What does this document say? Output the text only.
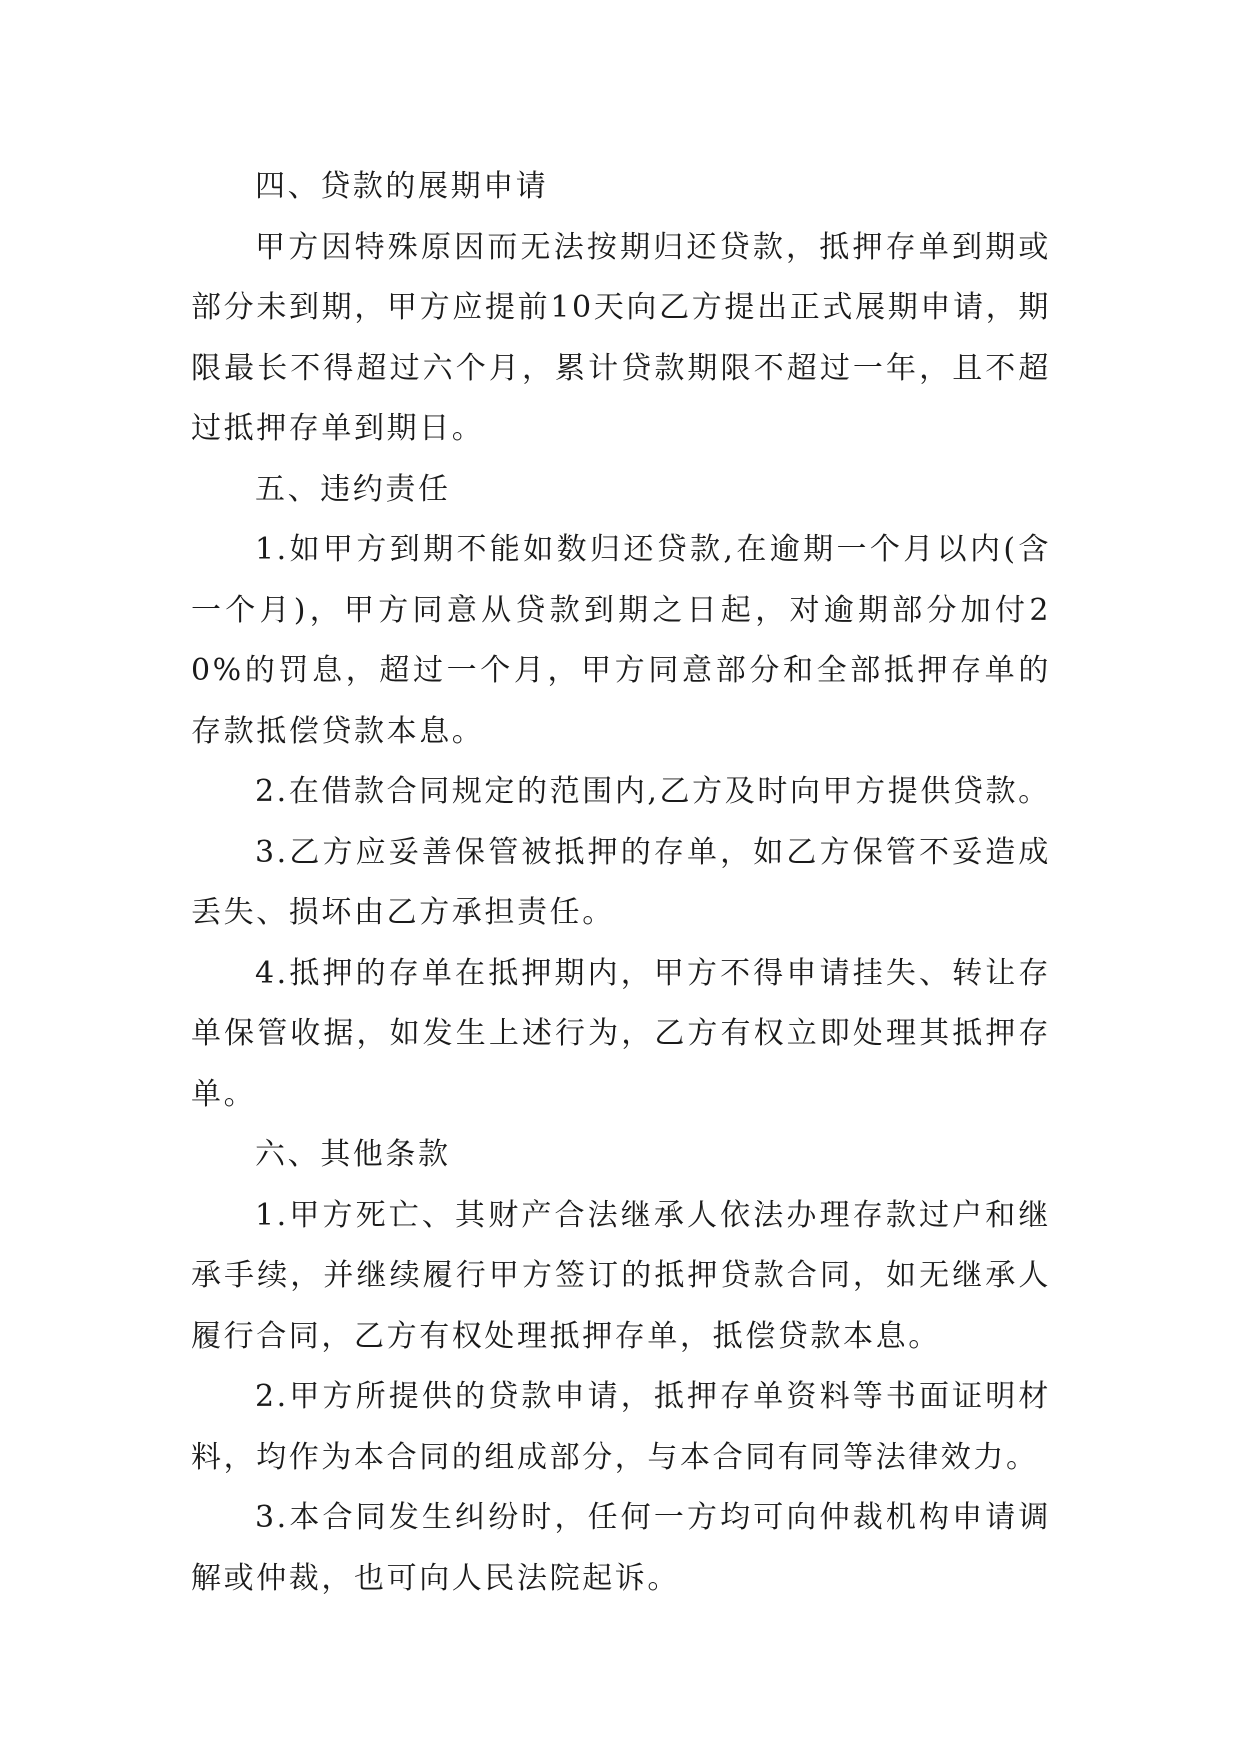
四、贷款的展期申请

甲方因特殊原因而无法按期归还贷款，抵押存单到期或部分未到期，甲方应提前10天向乙方提出正式展期申请，期限最长不得超过六个月，累计贷款期限不超过一年，且不超过抵押存单到期日。

五、违约责任

1.如甲方到期不能如数归还贷款,在逾期一个月以内(含一个月)，甲方同意从贷款到期之日起，对逾期部分加付20%的罚息，超过一个月，甲方同意部分和全部抵押存单的存款抵偿贷款本息。

2.在借款合同规定的范围内,乙方及时向甲方提供贷款。

3.乙方应妥善保管被抵押的存单，如乙方保管不妥造成丢失、损坏由乙方承担责任。

4.抵押的存单在抵押期内，甲方不得申请挂失、转让存单保管收据，如发生上述行为，乙方有权立即处理其抵押存单。

六、其他条款

1.甲方死亡、其财产合法继承人依法办理存款过户和继承手续，并继续履行甲方签订的抵押贷款合同，如无继承人履行合同，乙方有权处理抵押存单，抵偿贷款本息。

2.甲方所提供的贷款申请，抵押存单资料等书面证明材料，均作为本合同的组成部分，与本合同有同等法律效力。

3.本合同发生纠纷时，任何一方均可向仲裁机构申请调解或仲裁，也可向人民法院起诉。
